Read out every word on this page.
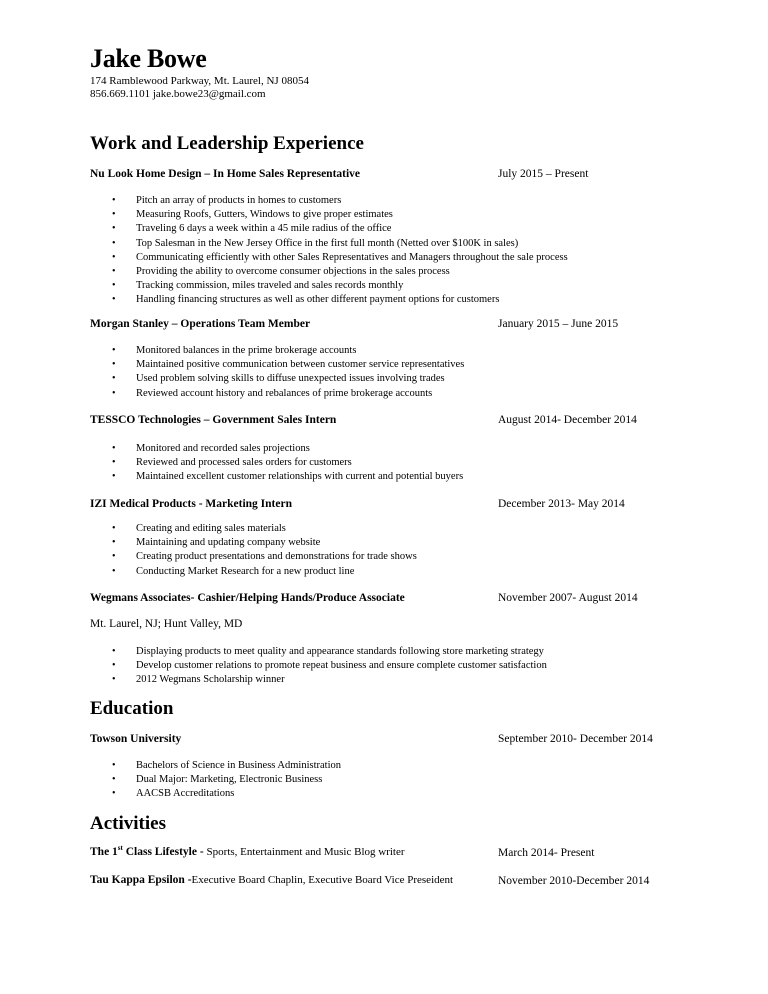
Jake Bowe
174 Ramblewood Parkway, Mt. Laurel, NJ 08054
856.669.1101 jake.bowe23@gmail.com
Work and Leadership Experience
Nu Look Home Design – In Home Sales Representative	July 2015 – Present
• Pitch an array of products in homes to customers
• Measuring Roofs, Gutters, Windows to give proper estimates
• Traveling 6 days a week within a 45 mile radius of the office
• Top Salesman in the New Jersey Office in the first full month (Netted over $100K in sales)
• Communicating efficiently with other Sales Representatives and Managers throughout the sale process
• Providing the ability to overcome consumer objections in the sales process
• Tracking commission, miles traveled and sales records monthly
• Handling financing structures as well as other different payment options for customers
Morgan Stanley – Operations Team Member	January 2015 – June 2015
• Monitored balances in the prime brokerage accounts
• Maintained positive communication between customer service representatives
• Used problem solving skills to diffuse unexpected issues involving trades
• Reviewed account history and rebalances of prime brokerage accounts
TESSCO Technologies – Government Sales Intern	August 2014- December 2014
• Monitored and recorded sales projections
• Reviewed and processed sales orders for customers
• Maintained excellent customer relationships with current and potential buyers
IZI Medical Products - Marketing Intern	December 2013- May 2014
• Creating and editing sales materials
• Maintaining and updating company website
• Creating product presentations and demonstrations for trade shows
• Conducting Market Research for a new product line
Wegmans Associates- Cashier/Helping Hands/Produce Associate	November 2007- August 2014
Mt. Laurel, NJ; Hunt Valley, MD
• Displaying products to meet quality and appearance standards following store marketing strategy
• Develop customer relations to promote repeat business and ensure complete customer satisfaction
• 2012 Wegmans Scholarship winner
Education
Towson University	September 2010- December 2014
• Bachelors of Science in Business Administration
• Dual Major: Marketing, Electronic Business
• AACSB Accreditations
Activities
The 1st Class Lifestyle - Sports, Entertainment and Music Blog writer	March 2014- Present
Tau Kappa Epsilon -Executive Board Chaplin, Executive Board Vice Preseident	November 2010-December 2014
